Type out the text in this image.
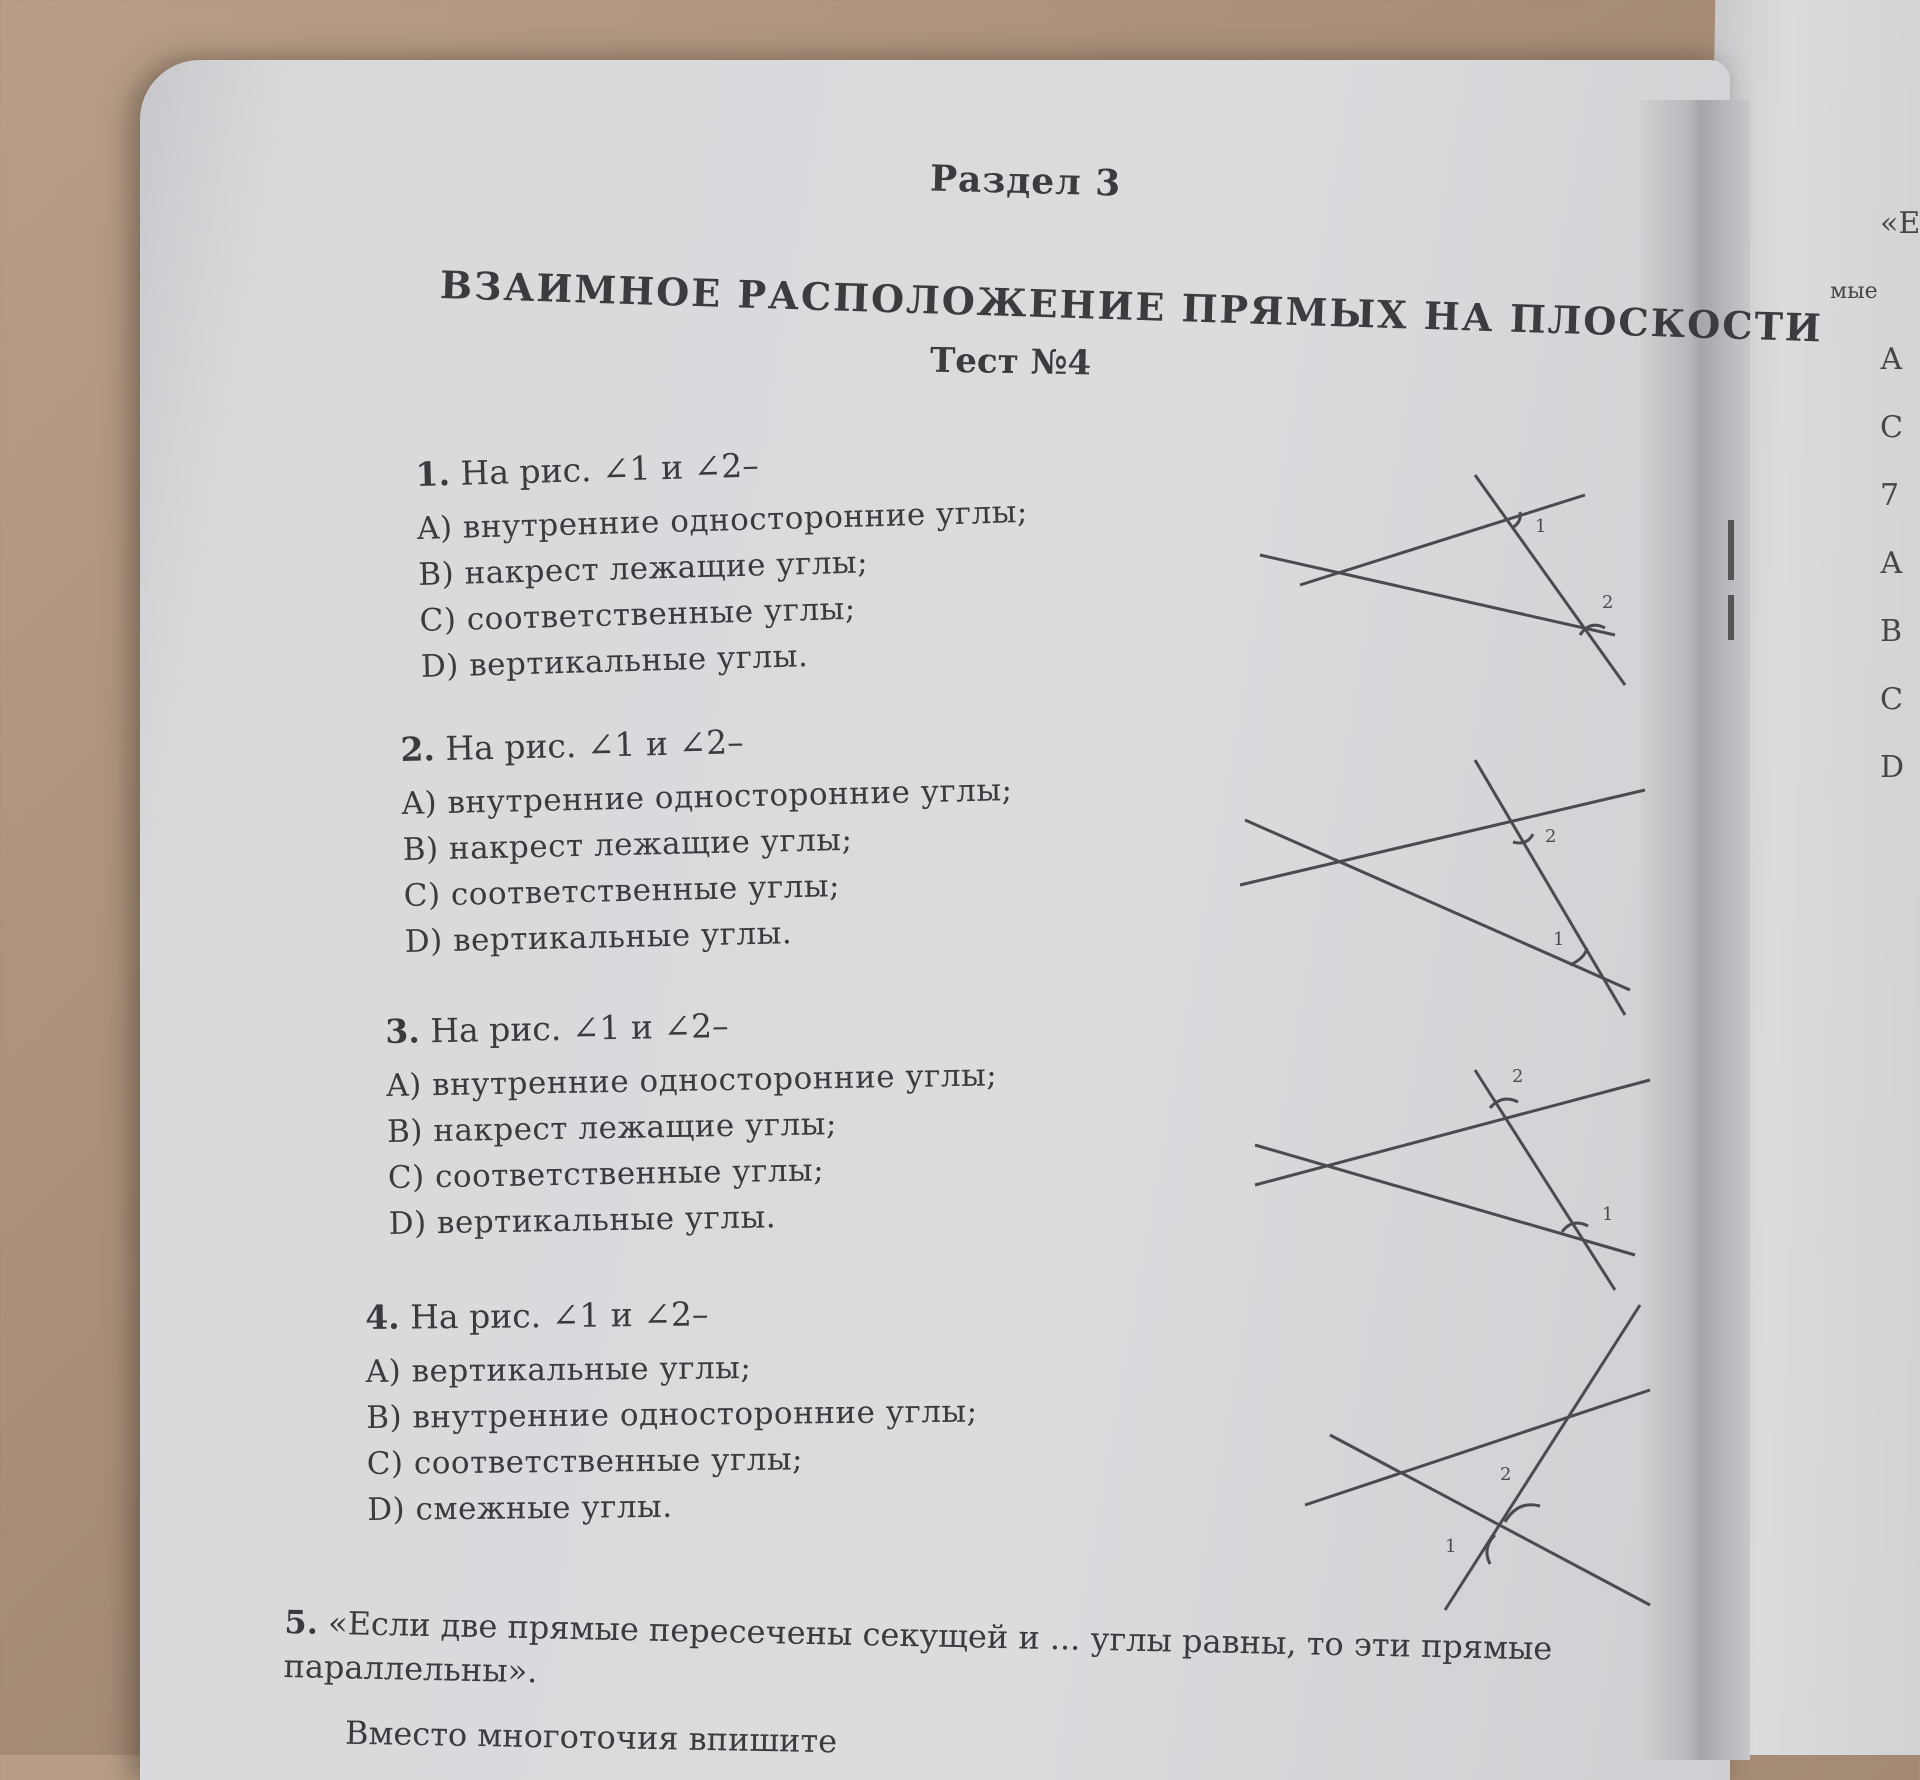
Раздел 3
ВЗАИМНОЕ РАСПОЛОЖЕНИЕ ПРЯМЫХ НА ПЛОСКОСТИ
Тест №4
1. На рис. ∠1 и ∠2–
A) внутренние односторонние углы;
B) накрест лежащие углы;
C) соответственные углы;
D) вертикальные углы.
1
2
2. На рис. ∠1 и ∠2–
A) внутренние односторонние углы;
B) накрест лежащие углы;
C) соответственные углы;
D) вертикальные углы.
2
1
3. На рис. ∠1 и ∠2–
A) внутренние односторонние углы;
B) накрест лежащие углы;
C) соответственные углы;
D) вертикальные углы.
2
1
4. На рис. ∠1 и ∠2–
A) вертикальные углы;
B) внутренние односторонние углы;
C) соответственные углы;
D) смежные углы.
2
1
5. «Если две прямые пересечены секущей и ... углы равны, то эти прямые параллельны».
Вместо многоточия впишите
«Е
мые
А
С
7
А
В
С
D
